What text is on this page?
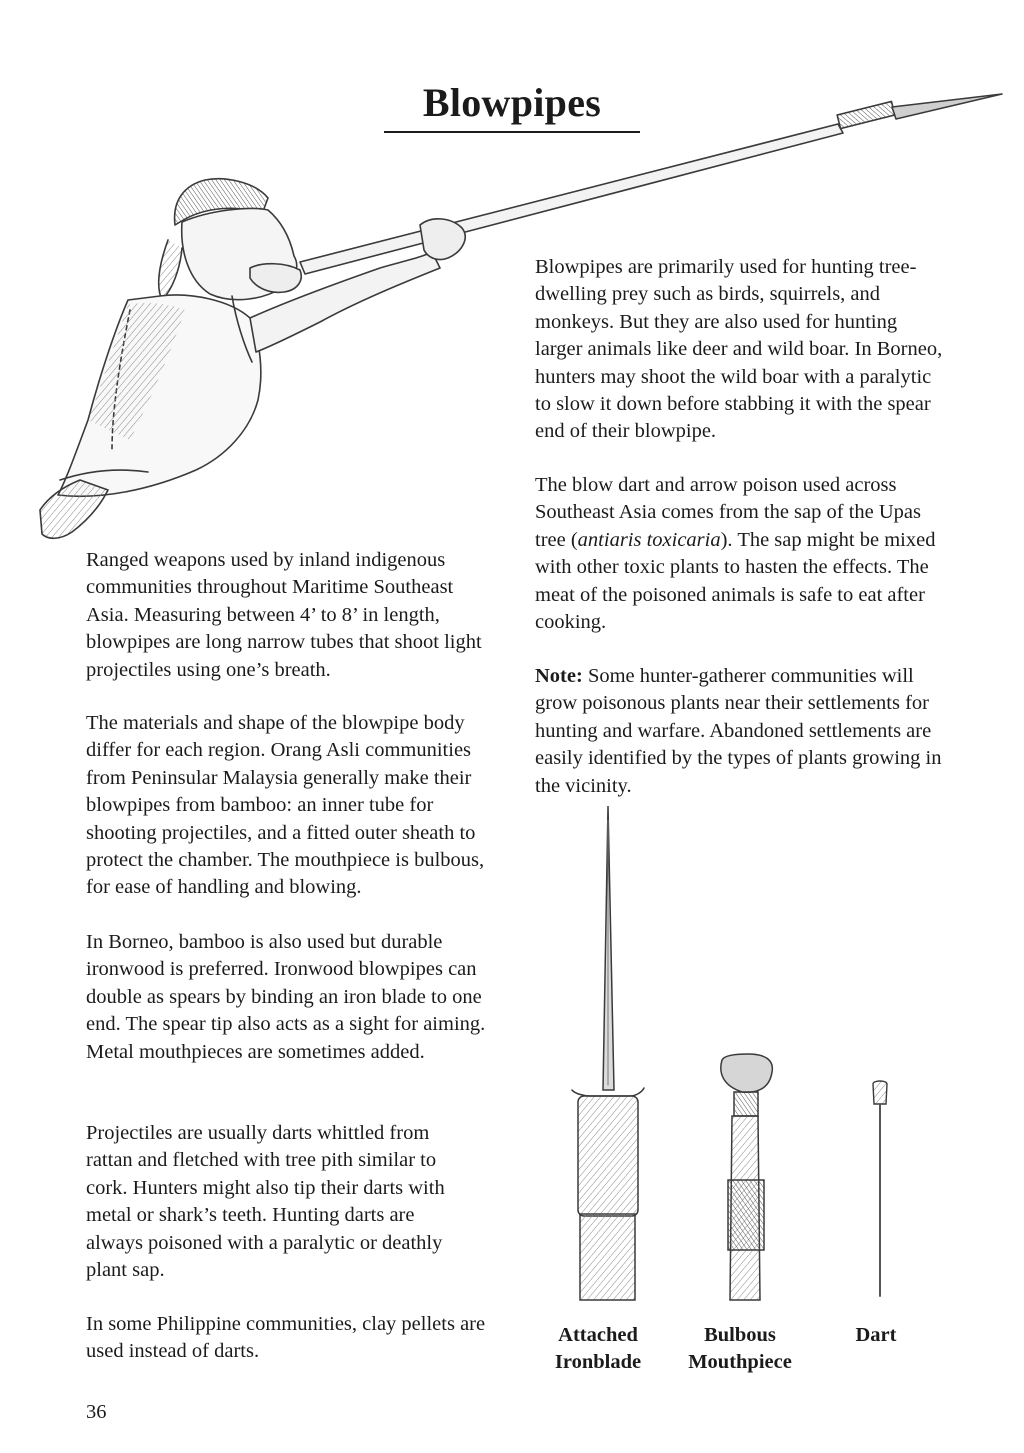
Blowpipes

Ranged weapons used by inland indigenous communities throughout Maritime Southeast Asia. Measuring between 4’ to 8’ in length, blowpipes are long narrow tubes that shoot light projectiles using one’s breath.

The materials and shape of the blowpipe body differ for each region. Orang Asli communities from Peninsular Malaysia generally make their blowpipes from bamboo: an inner tube for shooting projectiles, and a fitted outer sheath to protect the chamber. The mouthpiece is bulbous, for ease of handling and blowing.

In Borneo, bamboo is also used but durable ironwood is preferred. Ironwood blowpipes can double as spears by binding an iron blade to one end. The spear tip also acts as a sight for aiming. Metal mouthpieces are sometimes added.

Projectiles are usually darts whittled from rattan and fletched with tree pith similar to cork. Hunters might also tip their darts with metal or shark’s teeth. Hunting darts are always poisoned with a paralytic or deathly plant sap.

In some Philippine communities, clay pellets are used instead of darts.

Blowpipes are primarily used for hunting tree-dwelling prey such as birds, squirrels, and monkeys. But they are also used for hunting larger animals like deer and wild boar. In Borneo, hunters may shoot the wild boar with a paralytic to slow it down before stabbing it with the spear end of their blowpipe.

The blow dart and arrow poison used across Southeast Asia comes from the sap of the Upas tree (antiaris toxicaria). The sap might be mixed with other toxic plants to hasten the effects. The meat of the poisoned animals is safe to eat after cooking.

Note: Some hunter-gatherer communities will grow poisonous plants near their settlements for hunting and warfare. Abandoned settlements are easily identified by the types of plants growing in the vicinity.

Attached
Ironblade
Bulbous
Mouthpiece
Dart
36
